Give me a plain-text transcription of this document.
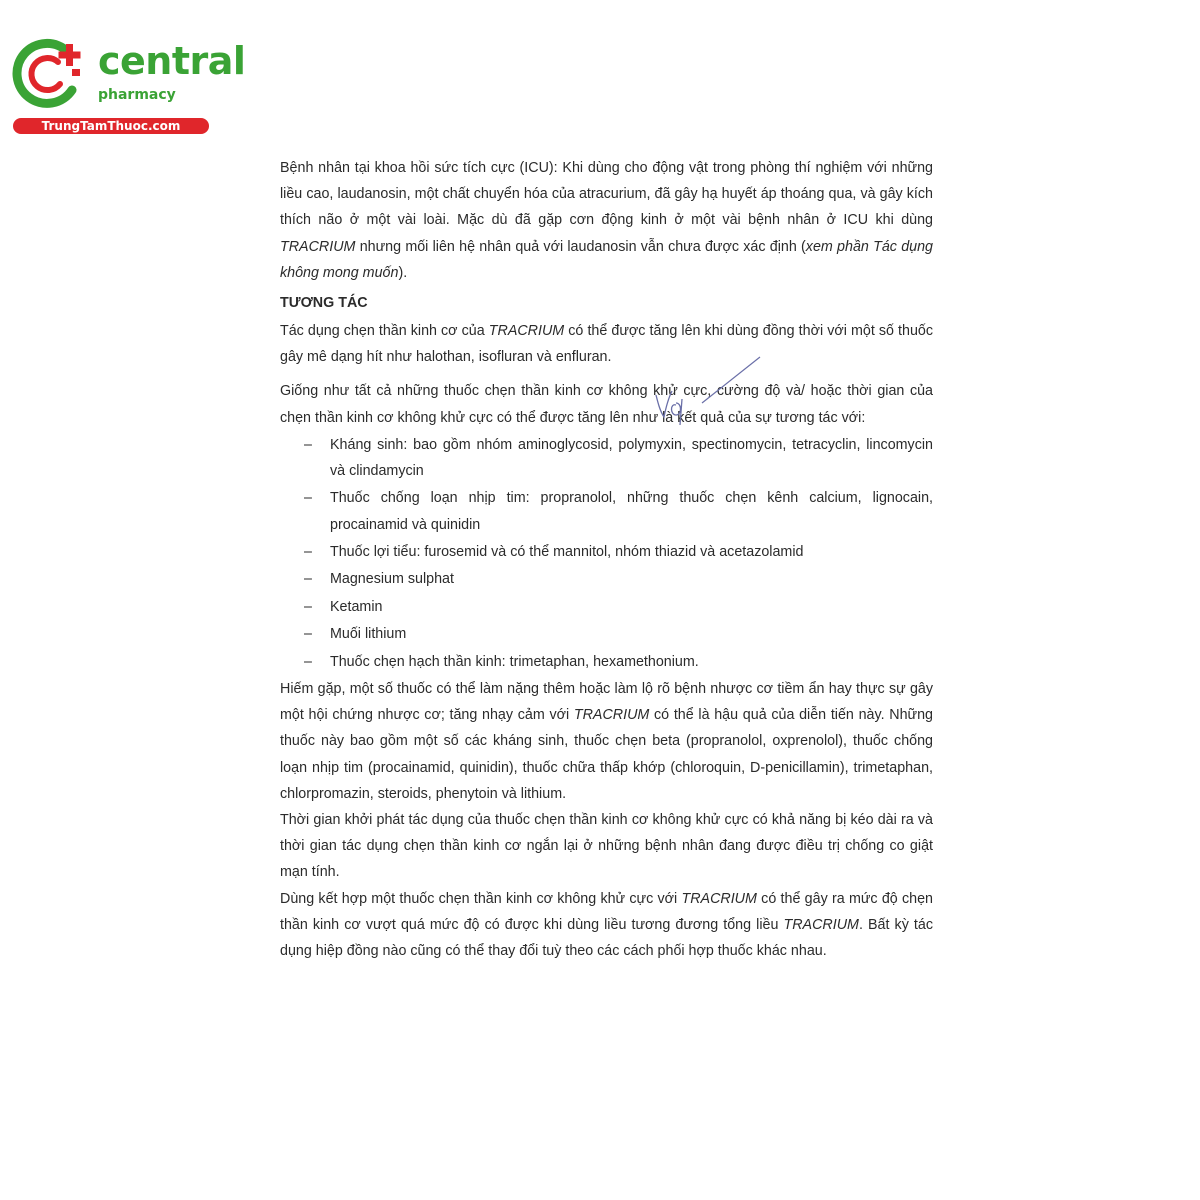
central
pharmacy
TrungTamThuoc.com

Bệnh nhân tại khoa hồi sức tích cực (ICU): Khi dùng cho động vật trong phòng thí nghiệm với những liều cao, laudanosin, một chất chuyển hóa của atracurium, đã gây hạ huyết áp thoáng qua, và gây kích thích não ở một vài loài. Mặc dù đã gặp cơn động kinh ở một vài bệnh nhân ở ICU khi dùng TRACRIUM nhưng mối liên hệ nhân quả với laudanosin vẫn chưa được xác định (xem phần Tác dụng không mong muốn).

TƯƠNG TÁC

Tác dụng chẹn thần kinh cơ của TRACRIUM có thể được tăng lên khi dùng đồng thời với một số thuốc gây mê dạng hít như halothan, isofluran và enfluran.

Giống như tất cả những thuốc chẹn thần kinh cơ không khử cực, cường độ và/ hoặc thời gian của chẹn thần kinh cơ không khử cực có thể được tăng lên như là kết quả của sự tương tác với:

– Kháng sinh: bao gồm nhóm aminoglycosid, polymyxin, spectinomycin, tetracyclin, lincomycin và clindamycin
– Thuốc chống loạn nhịp tim: propranolol, những thuốc chẹn kênh calcium, lignocain, procainamid và quinidin
– Thuốc lợi tiểu: furosemid và có thể mannitol, nhóm thiazid và acetazolamid
– Magnesium sulphat
– Ketamin
– Muối lithium
– Thuốc chẹn hạch thần kinh: trimetaphan, hexamethonium.

Hiếm gặp, một số thuốc có thể làm nặng thêm hoặc làm lộ rõ bệnh nhược cơ tiềm ẩn hay thực sự gây một hội chứng nhược cơ; tăng nhạy cảm với TRACRIUM có thể là hậu quả của diễn tiến này. Những thuốc này bao gồm một số các kháng sinh, thuốc chẹn beta (propranolol, oxprenolol), thuốc chống loạn nhịp tim (procainamid, quinidin), thuốc chữa thấp khớp (chloroquin, D-penicillamin), trimetaphan, chlorpromazin, steroids, phenytoin và lithium.

Thời gian khởi phát tác dụng của thuốc chẹn thần kinh cơ không khử cực có khả năng bị kéo dài ra và thời gian tác dụng chẹn thần kinh cơ ngắn lại ở những bệnh nhân đang được điều trị chống co giật mạn tính.

Dùng kết hợp một thuốc chẹn thần kinh cơ không khử cực với TRACRIUM có thể gây ra mức độ chẹn thần kinh cơ vượt quá mức độ có được khi dùng liều tương đương tổng liều TRACRIUM. Bất kỳ tác dụng hiệp đồng nào cũng có thể thay đổi tuỳ theo các cách phối hợp thuốc khác nhau.
